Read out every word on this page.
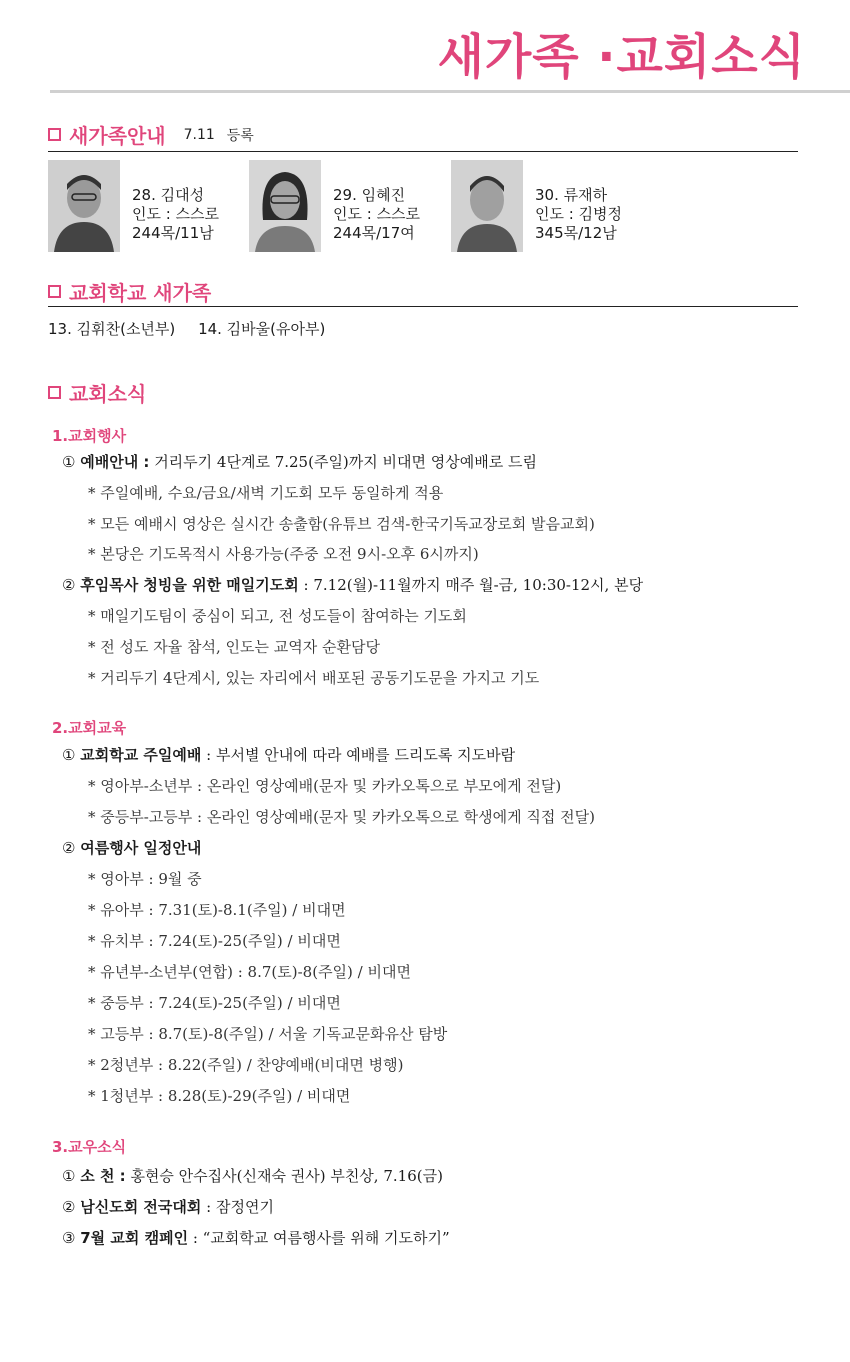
새가족 ·교회소식
새가족안내 7.11 등록
28. 김대성
인도 : 스스로
244목/11남
29. 임혜진
인도 : 스스로
244목/17여
30. 류재하
인도 : 김병정
345목/12남
교회학교 새가족
13. 김휘찬(소년부) 14. 김바울(유아부)
교회소식
1.교회행사
① 예배안내 : 거리두기 4단계로 7.25(주일)까지 비대면 영상예배로 드림
* 주일예배, 수요/금요/새벽 기도회 모두 동일하게 적용
* 모든 예배시 영상은 실시간 송출함(유튜브 검색-한국기독교장로회 발음교회)
* 본당은 기도목적시 사용가능(주중 오전 9시-오후 6시까지)
② 후임목사 청빙을 위한 매일기도회 : 7.12(월)-11월까지 매주 월-금, 10:30-12시, 본당
* 매일기도팀이 중심이 되고, 전 성도들이 참여하는 기도회
* 전 성도 자율 참석, 인도는 교역자 순환담당
* 거리두기 4단계시, 있는 자리에서 배포된 공동기도문을 가지고 기도
2.교회교육
① 교회학교 주일예배 : 부서별 안내에 따라 예배를 드리도록 지도바람
* 영아부-소년부 : 온라인 영상예배(문자 및 카카오톡으로 부모에게 전달)
* 중등부-고등부 : 온라인 영상예배(문자 및 카카오톡으로 학생에게 직접 전달)
② 여름행사 일정안내
* 영아부 : 9월 중
* 유아부 : 7.31(토)-8.1(주일) / 비대면
* 유치부 : 7.24(토)-25(주일) / 비대면
* 유년부-소년부(연합) : 8.7(토)-8(주일) / 비대면
* 중등부 : 7.24(토)-25(주일) / 비대면
* 고등부 : 8.7(토)-8(주일) / 서울 기독교문화유산 탐방
* 2청년부 : 8.22(주일) / 찬양예배(비대면 병행)
* 1청년부 : 8.28(토)-29(주일) / 비대면
3.교우소식
① 소 천 : 홍현승 안수집사(신재숙 권사) 부친상, 7.16(금)
② 남신도회 전국대회 : 잠정연기
③ 7월 교회 캠페인 : “교회학교 여름행사를 위해 기도하기”
